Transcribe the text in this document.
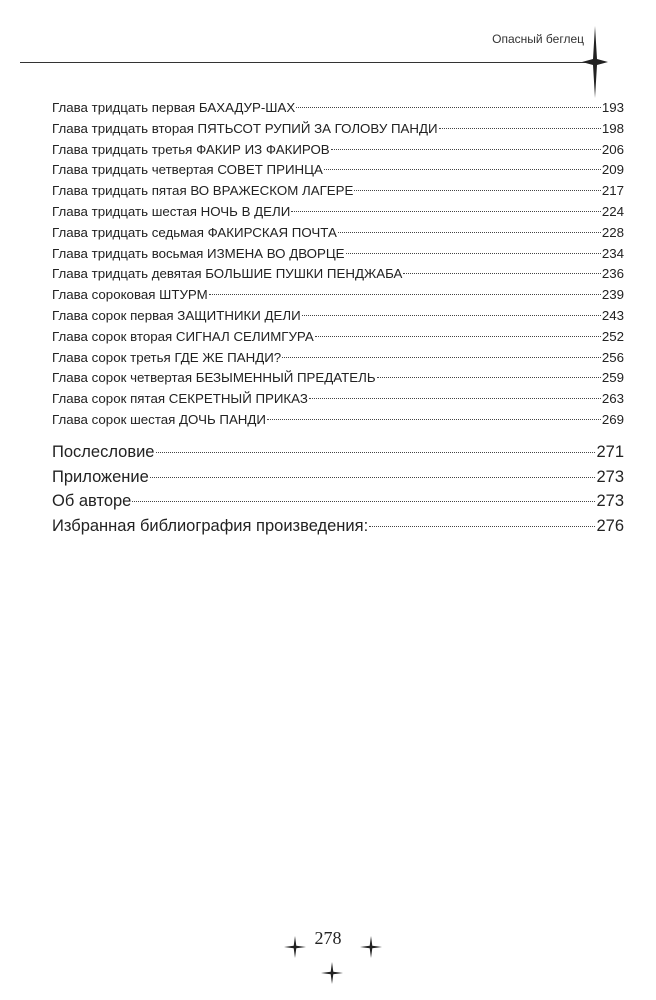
Опасный беглец
Глава тридцать первая БАХАДУР-ШАХ	193
Глава тридцать вторая ПЯТЬСОТ РУПИЙ ЗА ГОЛОВУ ПАНДИ	198
Глава тридцать третья ФАКИР ИЗ ФАКИРОВ	206
Глава тридцать четвертая СОВЕТ ПРИНЦА	209
Глава тридцать пятая ВО ВРАЖЕСКОМ ЛАГЕРЕ	217
Глава тридцать шестая НОЧЬ В ДЕЛИ	224
Глава тридцать седьмая ФАКИРСКАЯ ПОЧТА	228
Глава тридцать восьмая ИЗМЕНА ВО ДВОРЦЕ	234
Глава тридцать девятая БОЛЬШИЕ ПУШКИ ПЕНДЖАБА	236
Глава сороковая ШТУРМ	239
Глава сорок первая ЗАЩИТНИКИ ДЕЛИ	243
Глава сорок вторая СИГНАЛ СЕЛИМГУРА	252
Глава сорок третья ГДЕ ЖЕ ПАНДИ?	256
Глава сорок четвертая БЕЗЫМЕННЫЙ ПРЕДАТЕЛЬ	259
Глава сорок пятая СЕКРЕТНЫЙ ПРИКАЗ	263
Глава сорок шестая ДОЧЬ ПАНДИ	269
Послесловие	271
Приложение	273
Об авторе	273
Избранная библиография произведения:	276
278
